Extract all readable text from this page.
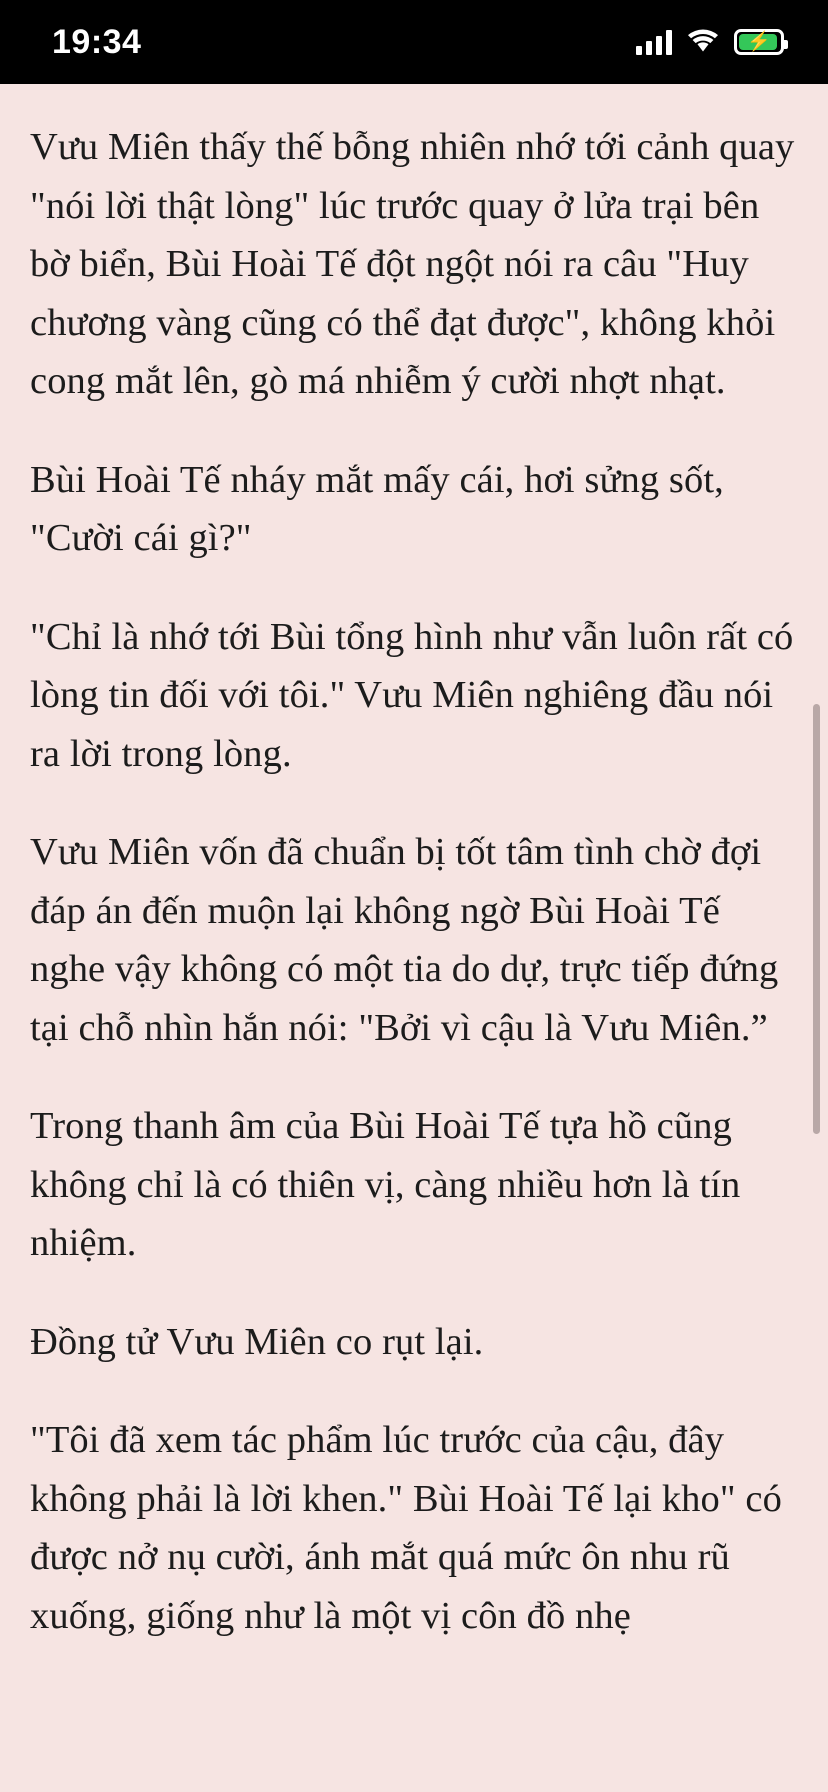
19:34	⚡

Vưu Miên thấy thế bỗng nhiên nhớ tới cảnh quay "nói lời thật lòng" lúc trước quay ở lửa trại bên bờ biển, Bùi Hoài Tế đột ngột nói ra câu "Huy chương vàng cũng có thể đạt được", không khỏi cong mắt lên, gò má nhiễm ý cười nhợt nhạt.

Bùi Hoài Tế nháy mắt mấy cái, hơi sửng sốt, "Cười cái gì?"

"Chỉ là nhớ tới Bùi tổng hình như vẫn luôn rất có lòng tin đối với tôi." Vưu Miên nghiêng đầu nói ra lời trong lòng.

Vưu Miên vốn đã chuẩn bị tốt tâm tình chờ đợi đáp án đến muộn lại không ngờ Bùi Hoài Tế nghe vậy không có một tia do dự, trực tiếp đứng tại chỗ nhìn hắn nói: "Bởi vì cậu là Vưu Miên.”

Trong thanh âm của Bùi Hoài Tế tựa hồ cũng không chỉ là có thiên vị, càng nhiều hơn là tín nhiệm.

Đồng tử Vưu Miên co rụt lại.

"Tôi đã xem tác phẩm lúc trước của cậu, đây không phải là lời khen." Bùi Hoài Tế lại kho" có được nở nụ cười, ánh mắt quá mức ôn nhu rũ xuống, giống như là một vị côn đồ nhẹ
